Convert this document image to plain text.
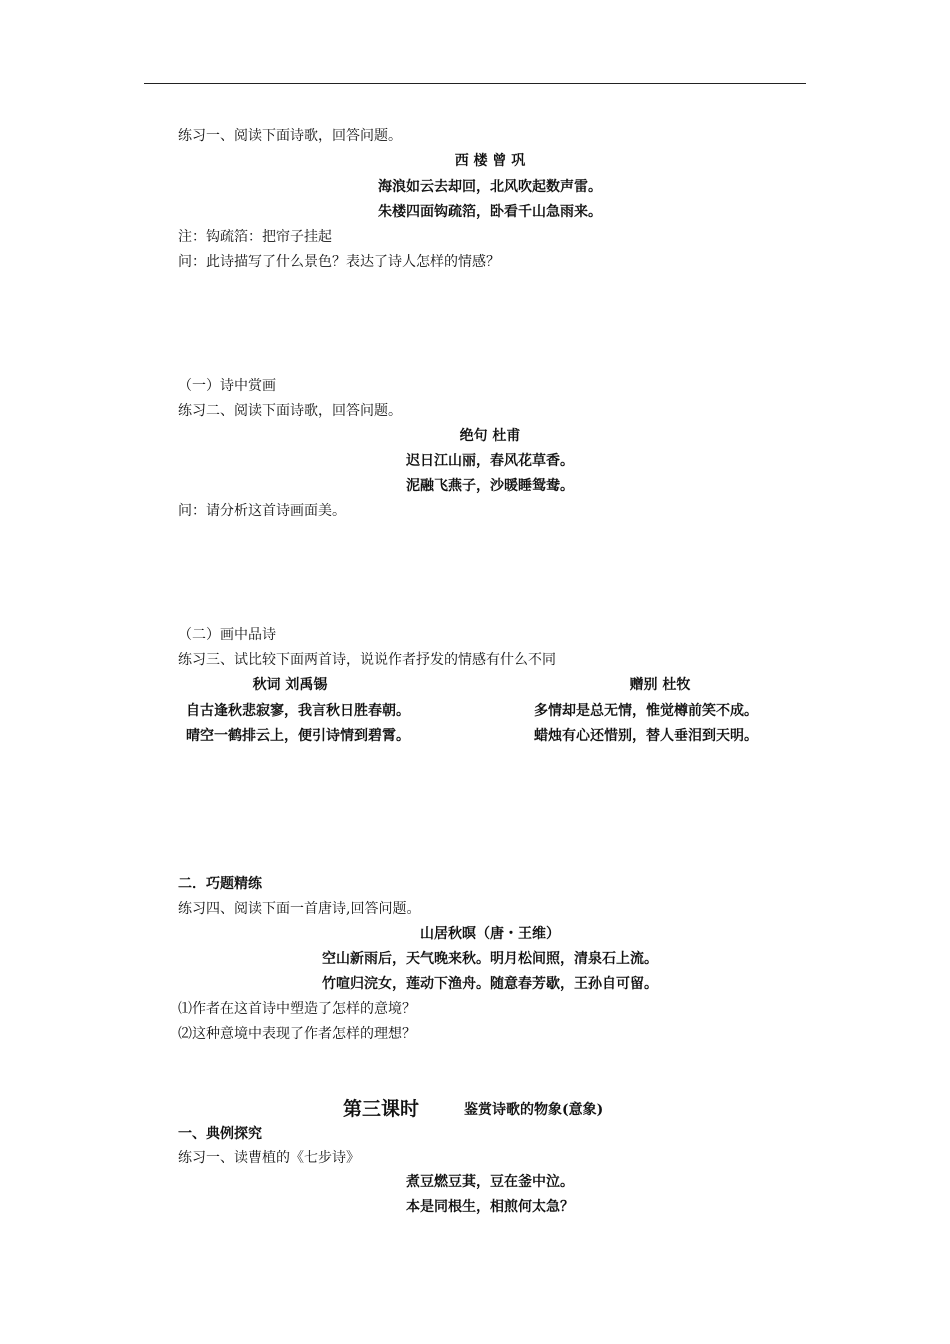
练习一、阅读下面诗歌，回答问题。
西 楼 曾 巩
海浪如云去却回，北风吹起数声雷。
朱楼四面钩疏箔，卧看千山急雨来。
注：钩疏箔：把帘子挂起
问：此诗描写了什么景色？表达了诗人怎样的情感？
（一）诗中赏画
练习二、阅读下面诗歌，回答问题。
绝句 杜甫
迟日江山丽，春风花草香。
泥融飞燕子，沙暖睡鸳鸯。
问：请分析这首诗画面美。
（二）画中品诗
练习三、试比较下面两首诗，说说作者抒发的情感有什么不同
秋词 刘禹锡
自古逢秋悲寂寥，我言秋日胜春朝。
晴空一鹤排云上，便引诗情到碧霄。
赠别 杜牧
多情却是总无情，惟觉樽前笑不成。
蜡烛有心还惜别，替人垂泪到天明。
二．巧题精练
练习四、阅读下面一首唐诗,回答问题。
山居秋暝（唐・王维）
空山新雨后，天气晚来秋。明月松间照，清泉石上流。
竹喧归浣女，莲动下渔舟。随意春芳歇，王孙自可留。
⑴作者在这首诗中塑造了怎样的意境？
⑵这种意境中表现了作者怎样的理想？
第三课时	鉴赏诗歌的物象(意象)
一、典例探究
练习一、读曹植的《七步诗》
煮豆燃豆萁，豆在釜中泣。
本是同根生，相煎何太急？
